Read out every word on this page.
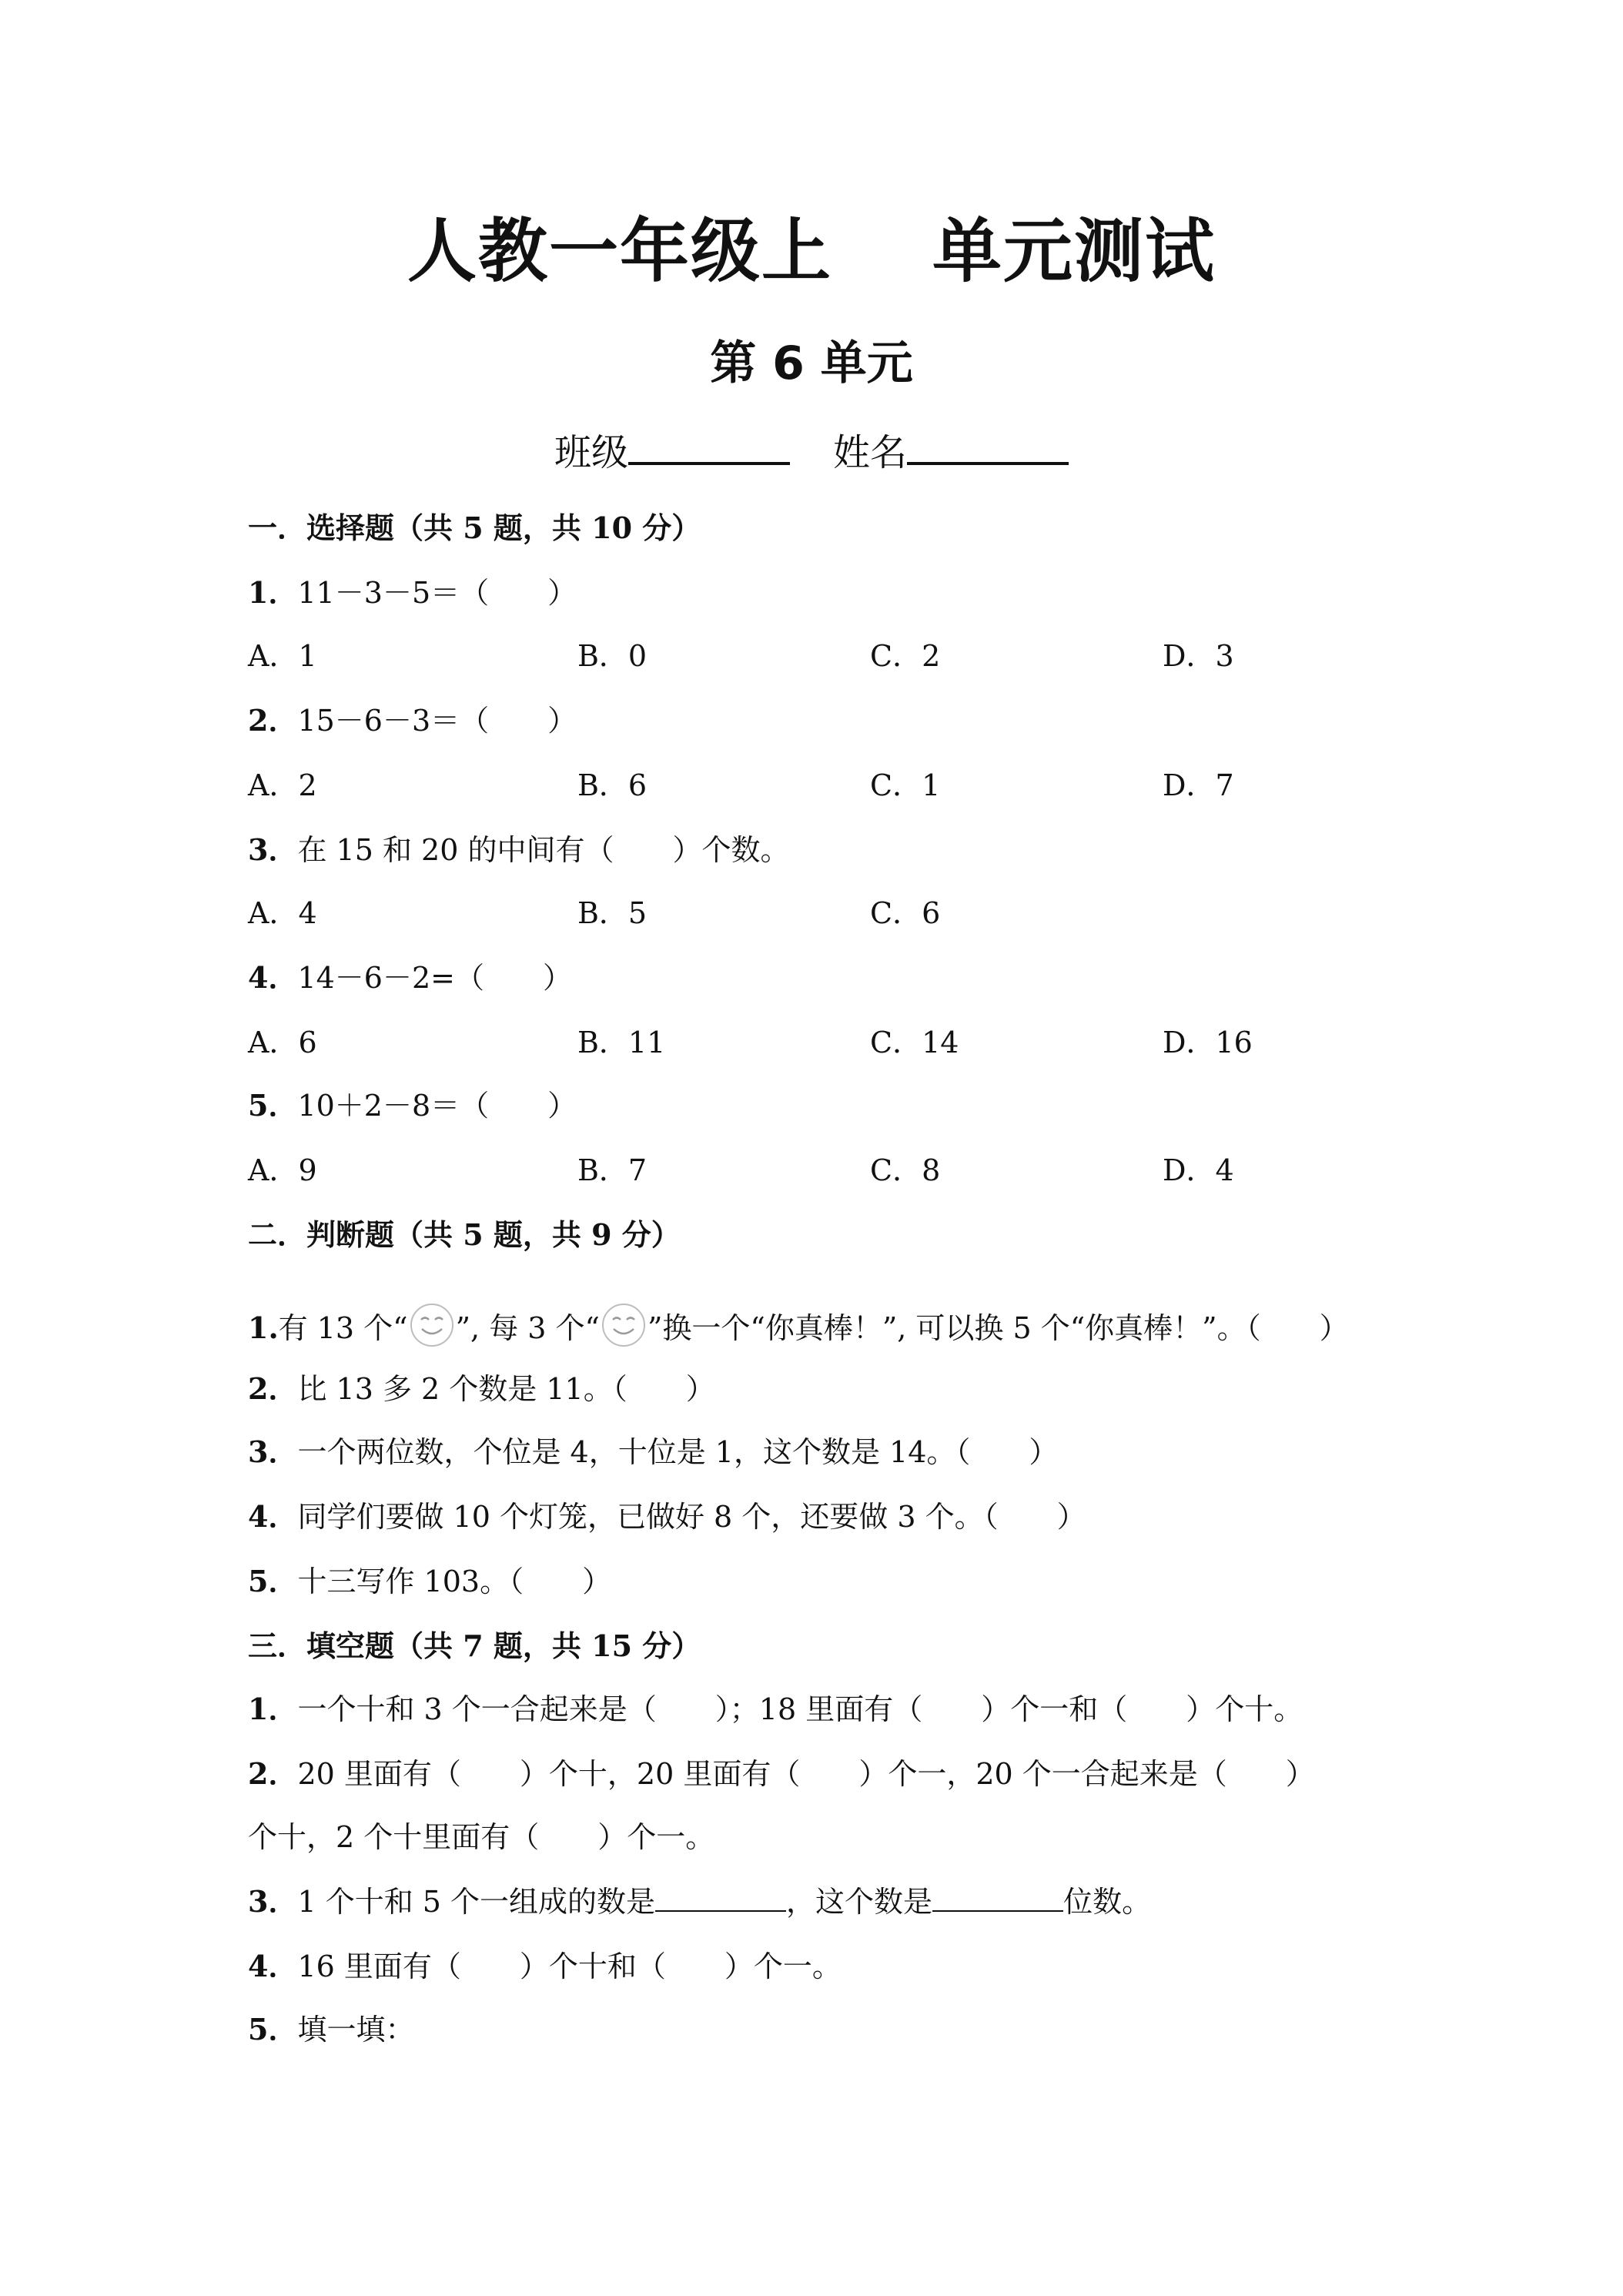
人教一年级上 单元测试
第 6 单元
班级	姓名
一．选择题（共 5 题，共 10 分）
1．11－3－5＝（　　）
A．1	B．0	C．2	D．3
2．15－6－3＝（　　）
A．2	B．6	C．1	D．7
3．在 15 和 20 的中间有（　　）个数。
A．4	B．5	C．6
4．14－6－2=（　　）
A．6	B．11	C．14	D．16
5．10＋2－8＝（　　）
A．9	B．7	C．8	D．4
二．判断题（共 5 题，共 9 分）
1.有 13 个“ ”, 每 3 个“ ”换一个“你真棒！”, 可以换 5 个“你真棒！”。（　　）
2．比 13 多 2 个数是 11。（　　）
3．一个两位数，个位是 4，十位是 1，这个数是 14。（　　）
4．同学们要做 10 个灯笼，已做好 8 个，还要做 3 个。（　　）
5．十三写作 103。（　　）
三．填空题（共 7 题，共 15 分）
1．一个十和 3 个一合起来是（　　）；18 里面有（　　）个一和（　　）个十。
2．20 里面有（　　）个十，20 里面有（　　）个一，20 个一合起来是（　　）
个十，2 个十里面有（　　）个一。
3．1 个十和 5 个一组成的数是	，这个数是	位数。
4．16 里面有（　　）个十和（　　）个一。
5．填一填：
